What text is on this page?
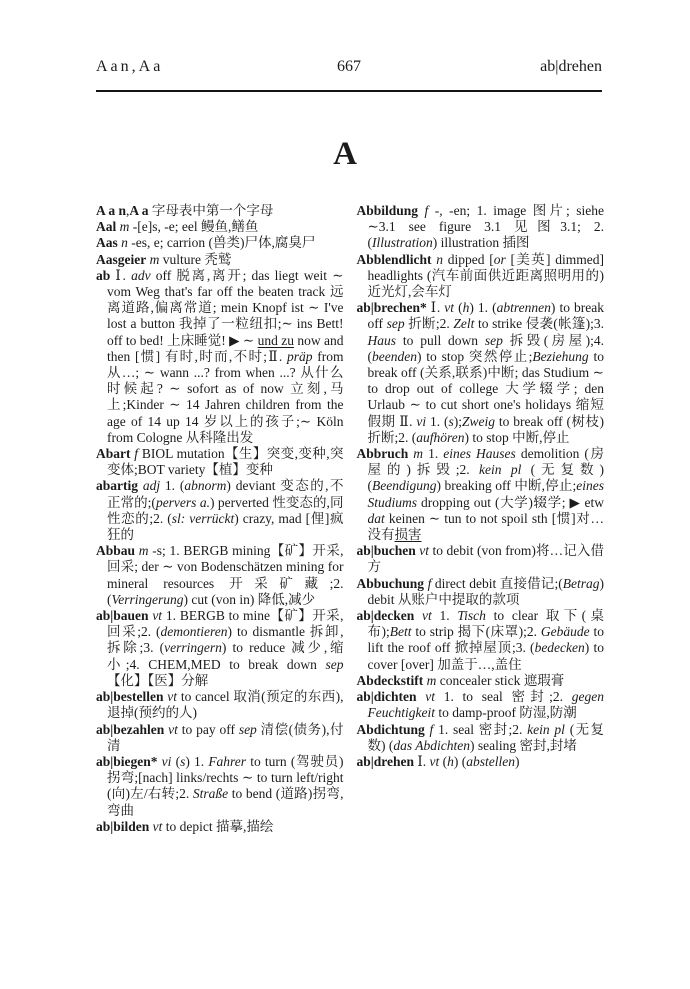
667
Aan,Aa	ab|drehen
A

A a n,A a 字母表中第一个字母

Aal m -[e]s, -e; eel 鳗鱼,鳝鱼

Aas n -es, e; carrion (兽类)尸体,腐臭尸

Aasgeier m vulture 秃鹫

ab Ⅰ. adv off 脱离,离开; das liegt weit ∼ vom Weg that's far off the beaten track 远离道路,偏离常道; mein Knopf ist ∼ I've lost a button 我掉了一粒纽扣;∼ ins Bett! off to bed! 上床睡觉! ▶ ∼ und zu now and then [惯] 有时,时而,不时;Ⅱ. präp from 从…; ∼ wann ...? from when ...? 从什么时候起? ∼ sofort as of now 立刻,马上;Kinder ∼ 14 Jahren children from the age of 14 up 14 岁以上的孩子;∼ Köln from Cologne 从科隆出发

Abart f BIOL mutation【生】突变,变种,突变体;BOT variety【植】变种

abartig adj 1. (abnorm) deviant 变态的,不正常的;(pervers a.) perverted 性变态的,同性恋的;2. (sl: verrückt) crazy, mad [俚]疯狂的

Abbau m -s; 1. BERGB mining【矿】开采,回采; der ∼ von Bodenschätzen mining for mineral resources 开采矿藏;2. (Verringerung) cut (von in) 降低,减少

ab|bauen vt 1. BERGB to mine【矿】开采,回采;2. (demontieren) to dismantle 拆卸,拆除;3. (verringern) to reduce 减少,缩小;4. CHEM,MED to break down sep【化】【医】分解

ab|bestellen vt to cancel 取消(预定的东西),退掉(预约的人)

ab|bezahlen vt to pay off sep 清偿(债务),付清

ab|biegen* vi (s) 1. Fahrer to turn (驾驶员)拐弯;[nach] links/rechts ∼ to turn left/right (向)左/右转;2. Straße to bend (道路)拐弯,弯曲

ab|bilden vt to depict 描摹,描绘

Abbildung f -, -en; 1. image 图片; siehe ∼3.1 see figure 3.1 见图3.1; 2. (Illustration) illustration 插图

Abblendlicht n dipped [or [美英] dimmed] headlights (汽车前面供近距离照明用的)近光灯,会车灯

ab|brechen* Ⅰ. vt (h) 1. (abtrennen) to break off sep 折断;2. Zelt to strike 侵袭(帐篷);3. Haus to pull down sep 拆毁(房屋);4. (beenden) to stop 突然停止;Beziehung to break off (关系,联系)中断; das Studium ∼ to drop out of college 大学辍学; den Urlaub ∼ to cut short one's holidays 缩短假期 Ⅱ. vi 1. (s);Zweig to break off (树枝)折断;2. (aufhören) to stop 中断,停止

Abbruch m 1. eines Hauses demolition (房屋的)拆毁;2. kein pl (无复数) (Beendigung) breaking off 中断,停止;eines Studiums dropping out (大学)辍学; ▶ etw dat keinen ∼ tun to not spoil sth [惯]对…没有损害

ab|buchen vt to debit (von from)将…记入借方

Abbuchung f direct debit 直接借记;(Betrag) debit 从账户中提取的款项

ab|decken vt 1. Tisch to clear 取下(桌布);Bett to strip 揭下(床罩);2. Gebäude to lift the roof off 掀掉屋顶;3. (bedecken) to cover [over] 加盖于…,盖住

Abdeckstift m concealer stick 遮瑕膏

ab|dichten vt 1. to seal 密封;2. gegen Feuchtigkeit to damp-proof 防湿,防潮

Abdichtung f 1. seal 密封;2. kein pl (无复数) (das Abdichten) sealing 密封,封堵

ab|drehen Ⅰ. vt (h) (abstellen)
